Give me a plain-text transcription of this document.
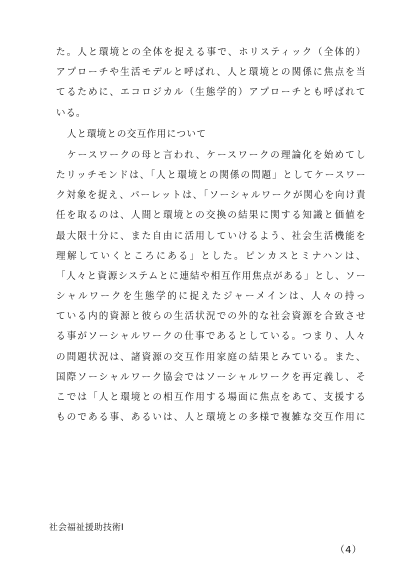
た。人と環境との全体を捉える事で、ホリスティック（全体的）
アプローチや生活モデルと呼ばれ、人と環境との関係に焦点を当
てるために、エコロジカル（生態学的）アプローチとも呼ばれて
いる。
人と環境との交互作用について
ケースワークの母と言われ、ケースワークの理論化を始めてし
たリッチモンドは、「人と環境との関係の問題」としてケースワー
ク対象を捉え、パーレットは、「ソーシャルワークが関心を向け責
任を取るのは、人間と環境との交換の結果に関する知識と価値を
最大限十分に、また自由に活用していけるよう、社会生活機能を
理解していくところにある」とした。ピンカスとミナハンは、
「人々と資源システムとに連結や相互作用焦点がある」とし、ソー
シャルワークを生態学的に捉えたジャーメインは、人々の持っ
ている内的資源と彼らの生活状況での外的な社会資源を合致させ
る事がソーシャルワークの仕事であるとしている。つまり、人々
の問題状況は、諸資源の交互作用家庭の結果とみている。また、
国際ソーシャルワーク協会ではソーシャルワークを再定義し、そ
こでは「人と環境との相互作用する場面に焦点をあて、支援する
ものである事、あるいは、人と環境との多様で複雑な交互作用に
社会福祉援助技術Ⅰ
（4）
